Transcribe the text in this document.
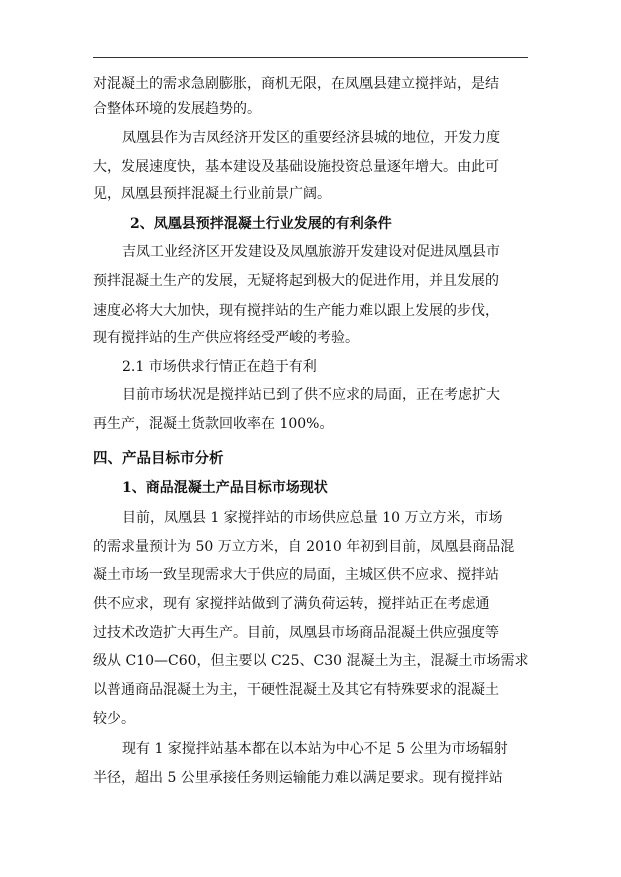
对混凝土的需求急剧膨胀，商机无限，在凤凰县建立搅拌站，是结
合整体环境的发展趋势的。
凤凰县作为吉凤经济开发区的重要经济县城的地位，开发力度
大，发展速度快，基本建设及基础设施投资总量逐年增大。由此可
见，凤凰县预拌混凝土行业前景广阔。
2、凤凰县预拌混凝土行业发展的有利条件
吉凤工业经济区开发建设及凤凰旅游开发建设对促进凤凰县市
预拌混凝土生产的发展，无疑将起到极大的促进作用，并且发展的
速度必将大大加快，现有搅拌站的生产能力难以跟上发展的步伐，
现有搅拌站的生产供应将经受严峻的考验。
2.1 市场供求行情正在趋于有利
目前市场状况是搅拌站已到了供不应求的局面，正在考虑扩大
再生产，混凝土货款回收率在 100%。
四、产品目标市分析
1、商品混凝土产品目标市场现状
目前，凤凰县 1 家搅拌站的市场供应总量 10 万立方米，市场
的需求量预计为 50 万立方米，自 2010 年初到目前，凤凰县商品混
凝土市场一致呈现需求大于供应的局面，主城区供不应求、搅拌站
供不应求，现有 家搅拌站做到了满负荷运转，搅拌站正在考虑通
过技术改造扩大再生产。目前，凤凰县市场商品混凝土供应强度等
级从 C10—C60，但主要以 C25、C30 混凝土为主，混凝土市场需求
以普通商品混凝土为主，干硬性混凝土及其它有特殊要求的混凝土
较少。
现有 1 家搅拌站基本都在以本站为中心不足 5 公里为市场辐射
半径，超出 5 公里承接任务则运输能力难以满足要求。现有搅拌站
